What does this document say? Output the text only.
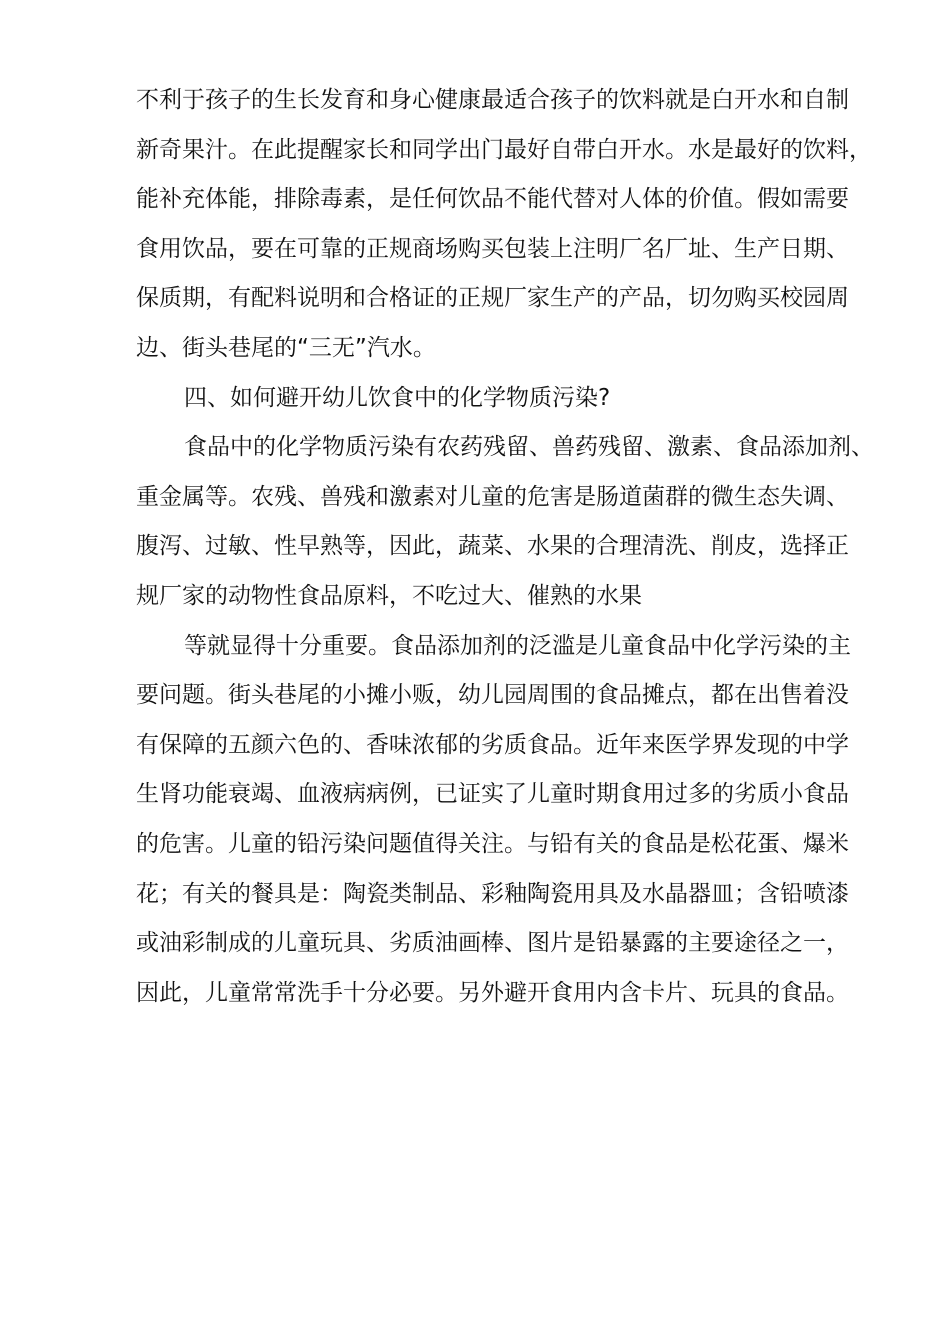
不利于孩子的生长发育和身心健康最适合孩子的饮料就是白开水和自制
新奇果汁。在此提醒家长和同学出门最好自带白开水。水是最好的饮料，
能补充体能，排除毒素，是任何饮品不能代替对人体的价值。假如需要
食用饮品，要在可靠的正规商场购买包装上注明厂名厂址、生产日期、
保质期，有配料说明和合格证的正规厂家生产的产品，切勿购买校园周
边、街头巷尾的“三无”汽水。
四、如何避开幼儿饮食中的化学物质污染?
食品中的化学物质污染有农药残留、兽药残留、激素、食品添加剂、
重金属等。农残、兽残和激素对儿童的危害是肠道菌群的微生态失调、
腹泻、过敏、性早熟等，因此，蔬菜、水果的合理清洗、削皮，选择正
规厂家的动物性食品原料，不吃过大、催熟的水果
等就显得十分重要。食品添加剂的泛滥是儿童食品中化学污染的主
要问题。街头巷尾的小摊小贩，幼儿园周围的食品摊点，都在出售着没
有保障的五颜六色的、香味浓郁的劣质食品。近年来医学界发现的中学
生肾功能衰竭、血液病病例，已证实了儿童时期食用过多的劣质小食品
的危害。儿童的铅污染问题值得关注。与铅有关的食品是松花蛋、爆米
花；有关的餐具是：陶瓷类制品、彩釉陶瓷用具及水晶器皿；含铅喷漆
或油彩制成的儿童玩具、劣质油画棒、图片是铅暴露的主要途径之一，
因此，儿童常常洗手十分必要。另外避开食用内含卡片、玩具的食品。
